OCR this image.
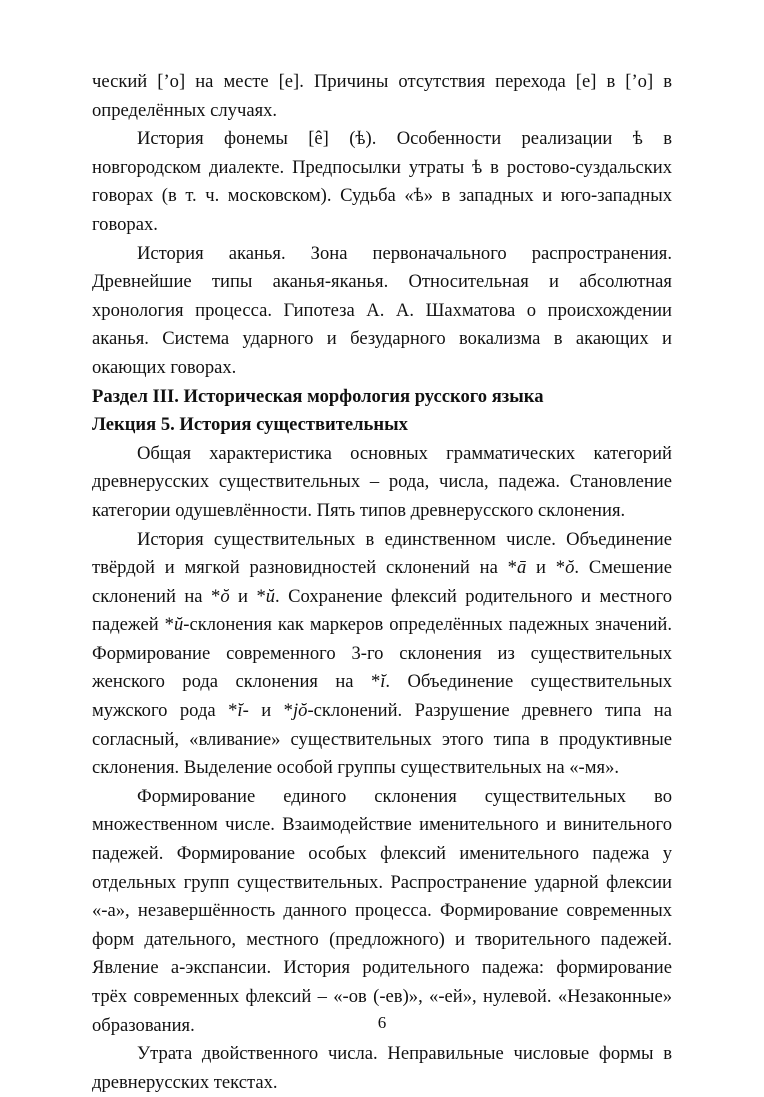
ческий [ʼo] на месте [e]. Причины отсутствия перехода [e] в [ʼo] в определённых случаях.

История фонемы [ê] (ѣ). Особенности реализации ѣ в новгородском диалекте. Предпосылки утраты ѣ в ростово-суздальских говорах (в т. ч. московском). Судьба «ѣ» в западных и юго-западных говорах.

История аканья. Зона первоначального распространения. Древнейшие типы аканья-яканья. Относительная и абсолютная хронология процесса. Гипотеза А. А. Шахматова о происхождении аканья. Система ударного и безударного вокализма в акающих и окающих говорах.

Раздел III. Историческая морфология русского языка

Лекция 5. История существительных

Общая характеристика основных грамматических категорий древнерусских существительных – рода, числа, падежа. Становление категории одушевлённости. Пять типов древнерусского склонения.

История существительных в единственном числе. Объединение твёрдой и мягкой разновидностей склонений на *ā и *ŏ. Смешение склонений на *ŏ и *ŭ. Сохранение флексий родительного и местного падежей *ŭ-склонения как маркеров определённых падежных значений. Формирование современного 3-го склонения из существительных женского рода склонения на *ĭ. Объединение существительных мужского рода *ĭ- и *jŏ-склонений. Разрушение древнего типа на согласный, «вливание» существительных этого типа в продуктивные склонения. Выделение особой группы существительных на «-мя».

Формирование единого склонения существительных во множественном числе. Взаимодействие именительного и винительного падежей. Формирование особых флексий именительного падежа у отдельных групп существительных. Распространение ударной флексии «-а», незавершённость данного процесса. Формирование современных форм дательного, местного (предложного) и творительного падежей. Явление а-экспансии. История родительного падежа: формирование трёх современных флексий – «-ов (-ев)», «-ей», нулевой. «Незаконные» образования.

Утрата двойственного числа. Неправильные числовые формы в древнерусских текстах.

6
